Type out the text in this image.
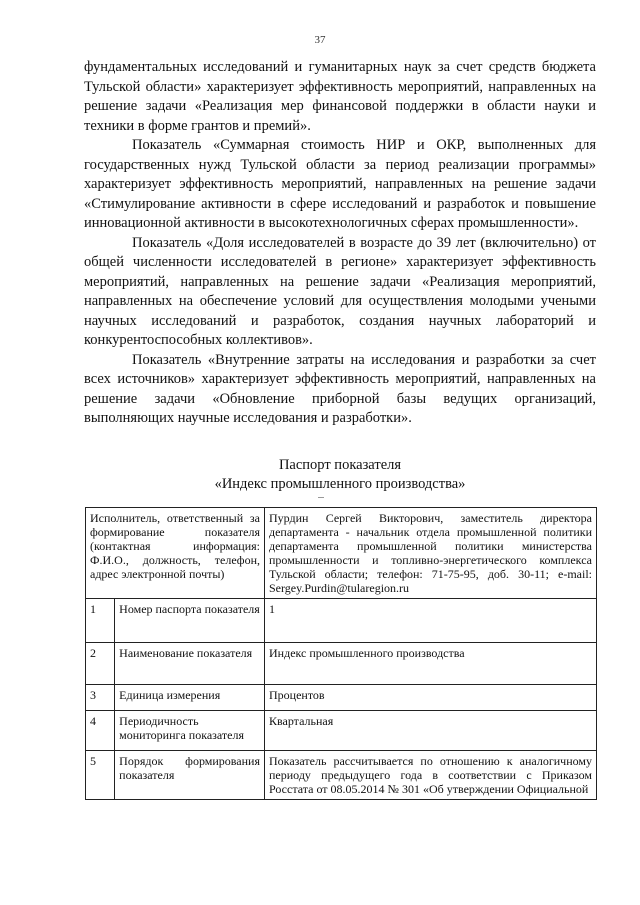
37

фундаментальных исследований и гуманитарных наук за счет средств бюджета Тульской области» характеризует эффективность мероприятий, направленных на решение задачи «Реализация мер финансовой поддержки в области науки и техники в форме грантов и премий».

Показатель «Суммарная стоимость НИР и ОКР, выполненных для государственных нужд Тульской области за период реализации программы» характеризует эффективность мероприятий, направленных на решение задачи «Стимулирование активности в сфере исследований и разработок и повышение инновационной активности в высокотехнологичных сферах промышленности».

Показатель «Доля исследователей в возрасте до 39 лет (включительно) от общей численности исследователей в регионе» характеризует эффективность мероприятий, направленных на решение задачи «Реализация мероприятий, направленных на обеспечение условий для осуществления молодыми учеными научных исследований и разработок, создания научных лабораторий и конкурентоспособных коллективов».

Показатель «Внутренние затраты на исследования и разработки за счет всех источников» характеризует эффективность мероприятий, направленных на решение задачи «Обновление приборной базы ведущих организаций, выполняющих научные исследования и разработки».

Паспорт показателя
«Индекс промышленного производства»
Исполнитель, ответственный за формирование показателя (контактная информация: Ф.И.О., должность, телефон, адрес электронной почты)		Пурдин Сергей Викторович, заместитель директора департамента - начальник отдела промышленной политики департамента промышленной политики министерства промышленности и топливно-энергетического комплекса Тульской области; телефон: 71-75-95, доб. 30-11; e-mail: Sergey.Purdin@tularegion.ru
1	Номер паспорта показателя	1
2	Наименование показателя	Индекс промышленного производства
3	Единица измерения	Процентов
4	Периодичность мониторинга показателя	Квартальная
5	Порядок формирования показателя	Показатель рассчитывается по отношению к аналогичному периоду предыдущего года в соответствии с Приказом Росстата от 08.05.2014 № 301 «Об утверждении Официальной
